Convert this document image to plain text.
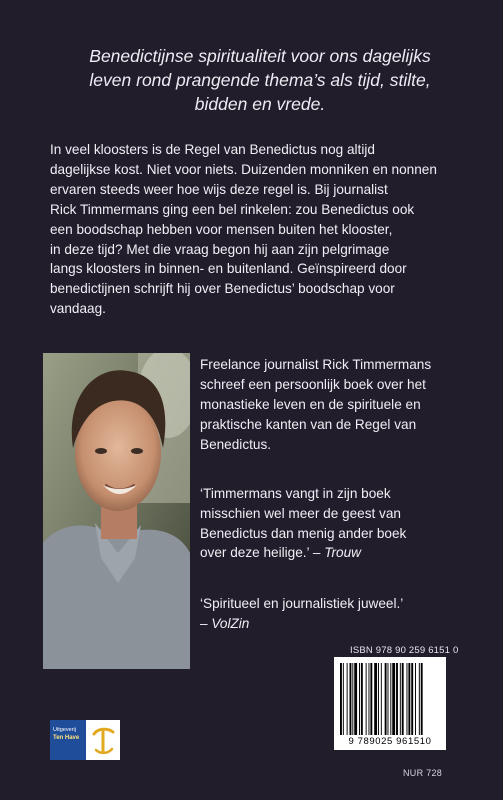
Benedictijnse spiritualiteit voor ons dagelijks
leven rond prangende thema’s als tijd, stilte,
bidden en vrede.
In veel kloosters is de Regel van Benedictus nog altijd
dagelijkse kost. Niet voor niets. Duizenden monniken en nonnen
ervaren steeds weer hoe wijs deze regel is. Bij journalist
Rick Timmermans ging een bel rinkelen: zou Benedictus ook
een boodschap hebben voor mensen buiten het klooster,
in deze tijd? Met die vraag begon hij aan zijn pelgrimage
langs kloosters in binnen- en buitenland. Geïnspireerd door
benedictijnen schrijft hij over Benedictus’ boodschap voor
vandaag.
Freelance journalist Rick Timmermans
schreef een persoonlijk boek over het
monastieke leven en de spirituele en
praktische kanten van de Regel van
Benedictus.
‘Timmermans vangt in zijn boek
misschien wel meer de geest van
Benedictus dan menig ander boek
over deze heilige.’ – Trouw
‘Spiritueel en journalistiek juweel.’
– VolZin
ISBN 978 90 259 6151 0
9 789025 961510
NUR 728
Uitgeverij
Ten Have
